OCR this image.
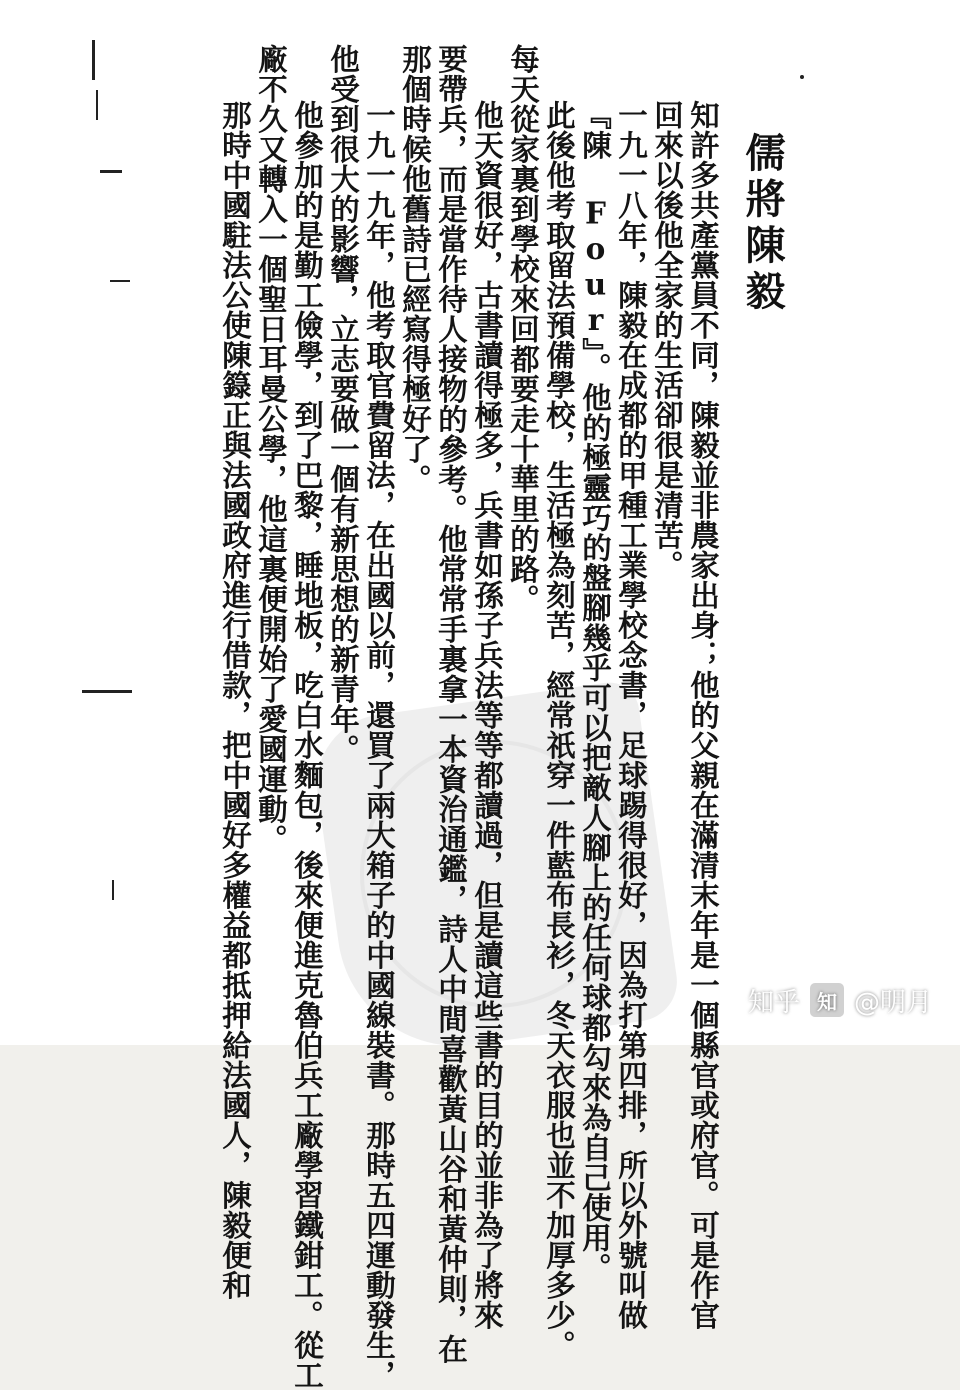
儒將陳毅
知許多共產黨員不同，陳毅並非農家出身；他的父親在滿清末年是一個縣官或府官。可是作官
回來以後他全家的生活卻很是清苦。
一九一八年，陳毅在成都的甲種工業學校念書，足球踢得很好，因為打第四排，所以外號叫做
『陳 Four』。他的極靈巧的盤腳幾乎可以把敵人腳上的任何球都勾來為自己使用。
此後他考取留法預備學校，生活極為刻苦，經常祇穿一件藍布長衫，冬天衣服也並不加厚多少。
每天從家裏到學校來回都要走十華里的路。
他天資很好，古書讀得極多，兵書如孫子兵法等等都讀過，但是讀這些書的目的並非為了將來
要帶兵，而是當作待人接物的參考。他常常手裏拿一本資治通鑑，詩人中間喜歡黃山谷和黃仲則，在
那個時候他舊詩已經寫得極好了。
一九一九年，他考取官費留法，在出國以前，還買了兩大箱子的中國線裝書。那時五四運動發生，
他受到很大的影響，立志要做一個有新思想的新青年。
他參加的是勤工儉學，到了巴黎，睡地板，吃白水麵包，後來便進克魯伯兵工廠學習鐵鉗工。從工
廠不久又轉入一個聖日耳曼公學，他這裏便開始了愛國運動。
那時中國駐法公使陳籙正與法國政府進行借款，把中國好多權益都抵押給法國人，陳毅便和	知乎 知 @明月
